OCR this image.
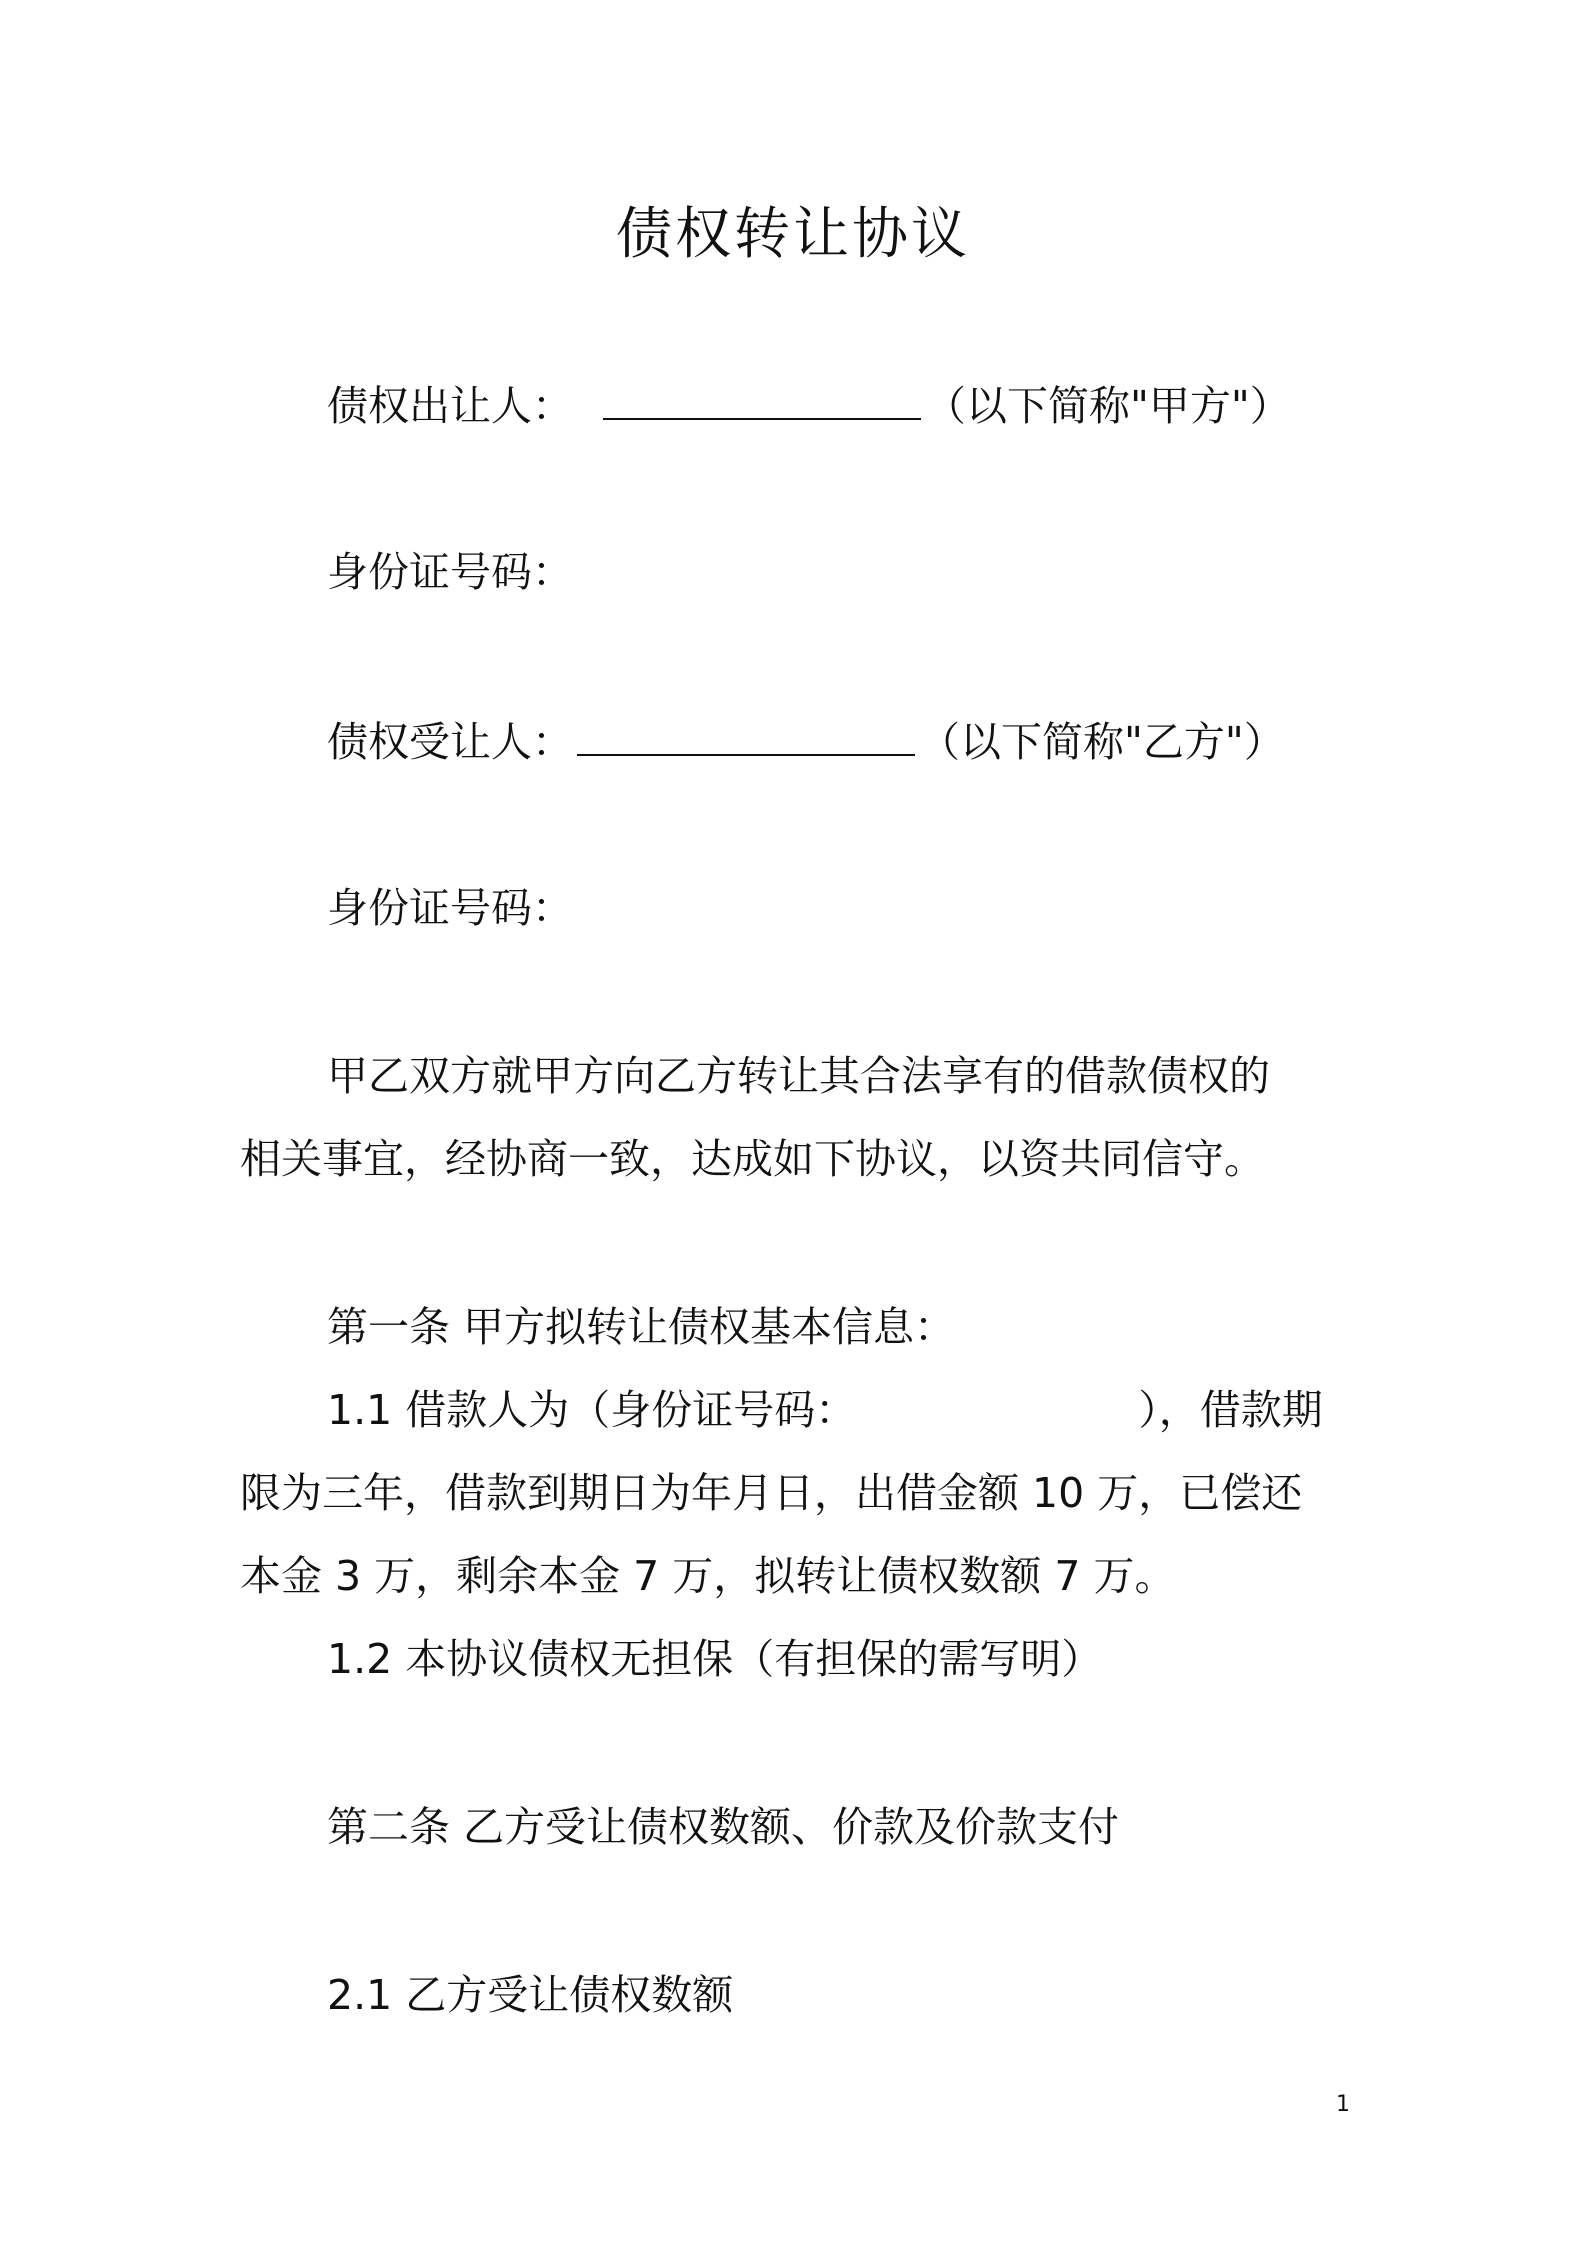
债权转让协议
债权出让人：	（以下简称"甲方"）
身份证号码：
债权受让人：	（以下简称"乙方"）
身份证号码：
甲乙双方就甲方向乙方转让其合法享有的借款债权的
相关事宜，经协商一致，达成如下协议，以资共同信守。
第一条 甲方拟转让债权基本信息：
1.1 借款人为（身份证号码：	），借款期
限为三年，借款到期日为年月日，出借金额 10 万，已偿还
本金 3 万，剩余本金 7 万，拟转让债权数额 7 万。
1.2 本协议债权无担保（有担保的需写明）
第二条 乙方受让债权数额、价款及价款支付
2.1 乙方受让债权数额
1
